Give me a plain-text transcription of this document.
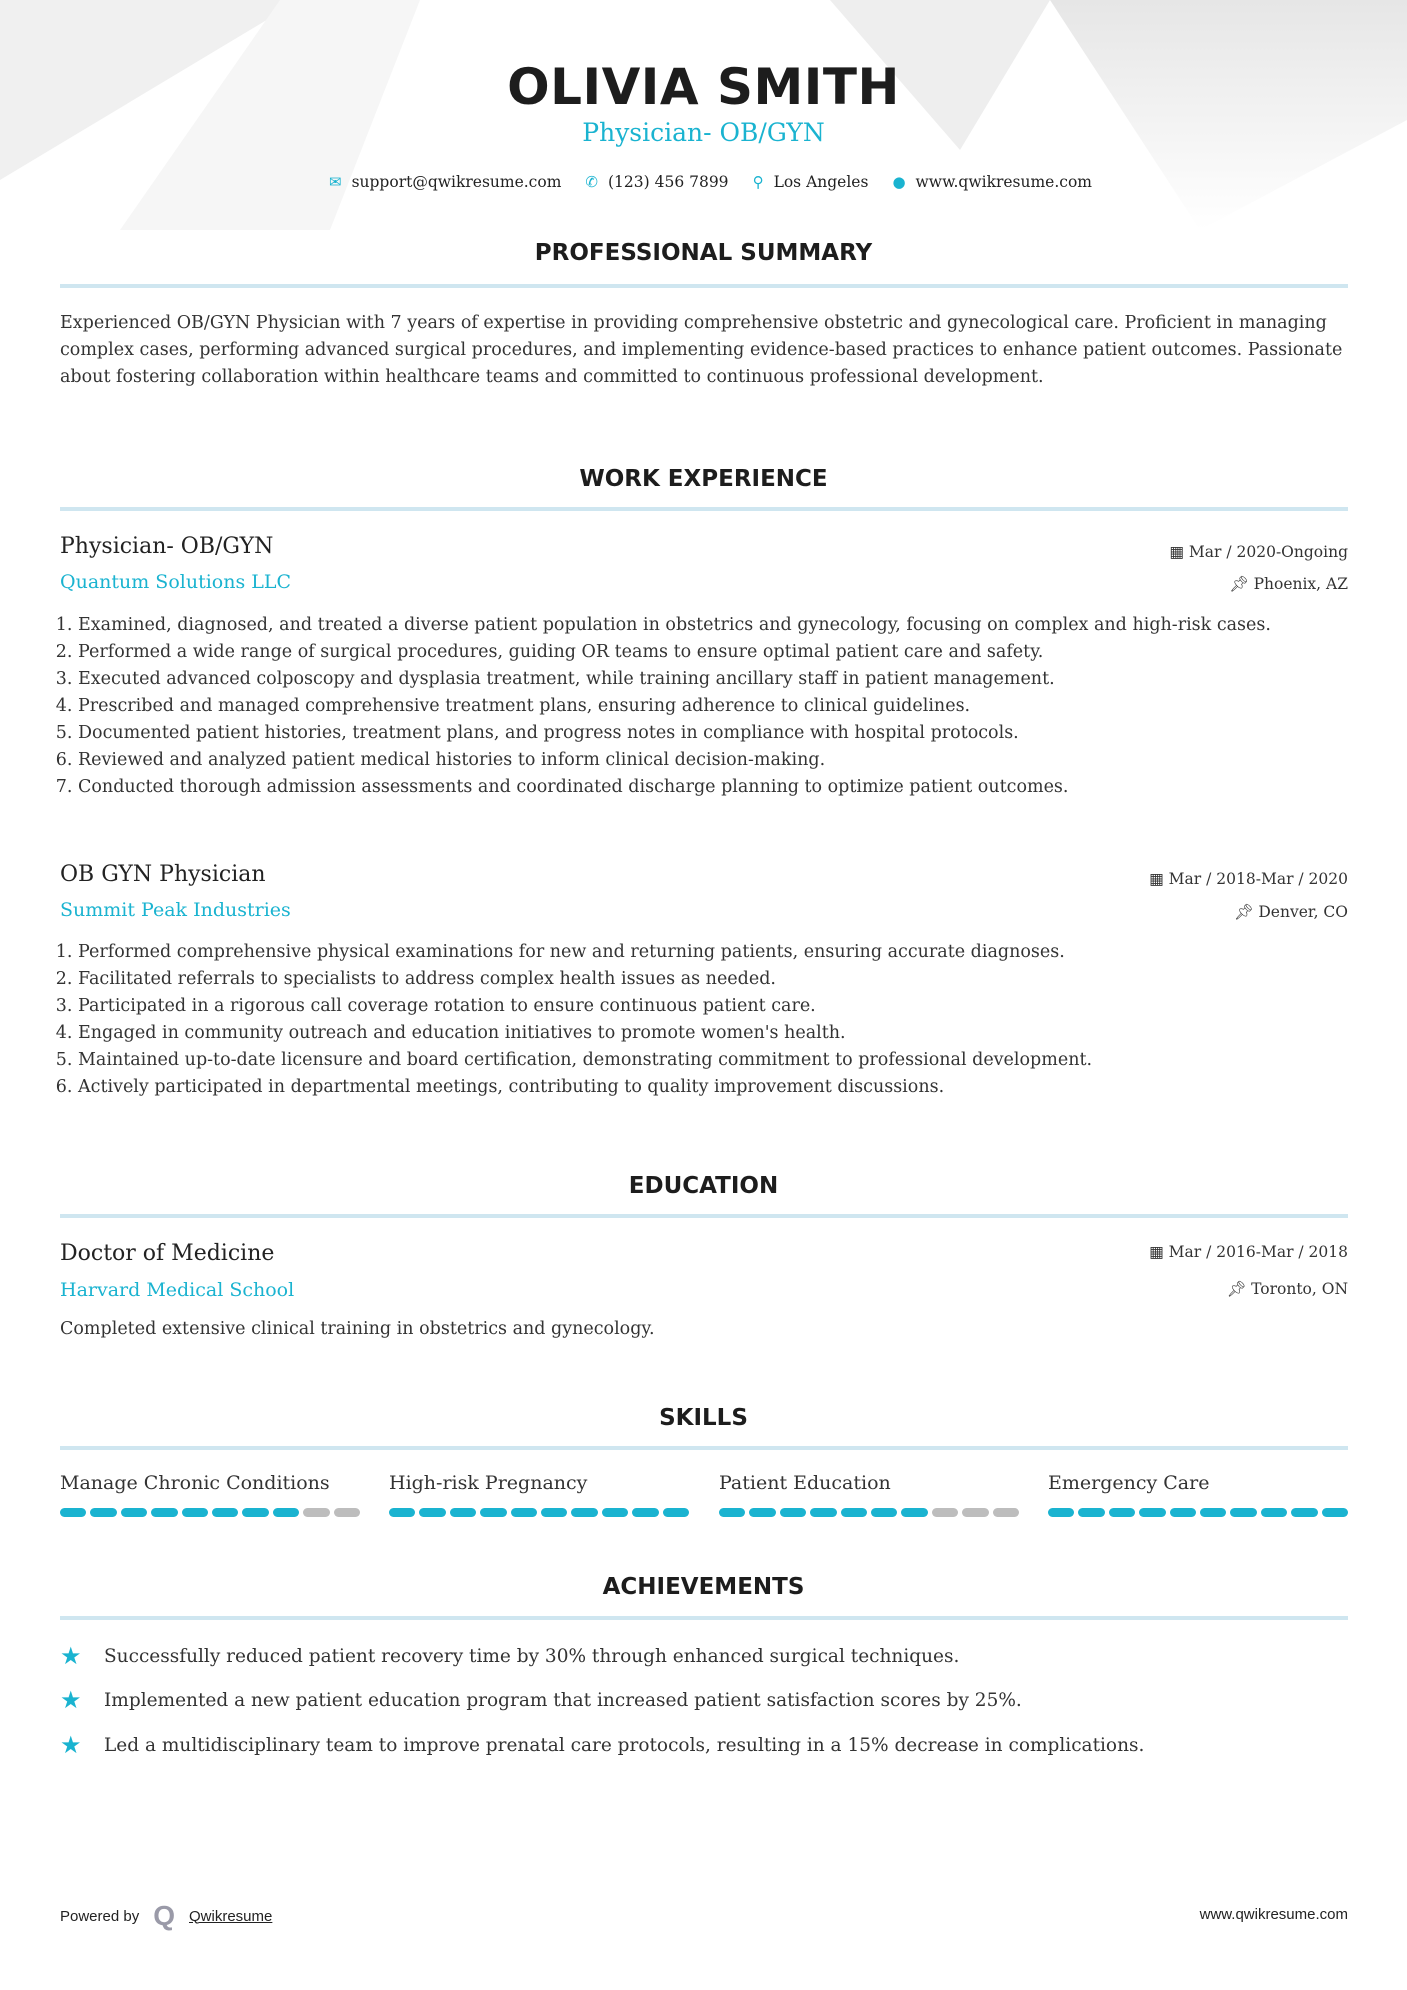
OLIVIA SMITH
Physician- OB/GYN
✉ support@qwikresume.com ✆ (123) 456 7899 ⚲ Los Angeles ● www.qwikresume.com
PROFESSIONAL SUMMARY
Experienced OB/GYN Physician with 7 years of expertise in providing comprehensive obstetric and gynecological care. Proficient in managing complex cases, performing advanced surgical procedures, and implementing evidence-based practices to enhance patient outcomes. Passionate about fostering collaboration within healthcare teams and committed to continuous professional development.
WORK EXPERIENCE
Physician- OB/GYN
Quantum Solutions LLC
▦ Mar / 2020-Ongoing
📌︎ Phoenix, AZ
1. Examined, diagnosed, and treated a diverse patient population in obstetrics and gynecology, focusing on complex and high-risk cases.
2. Performed a wide range of surgical procedures, guiding OR teams to ensure optimal patient care and safety.
3. Executed advanced colposcopy and dysplasia treatment, while training ancillary staff in patient management.
4. Prescribed and managed comprehensive treatment plans, ensuring adherence to clinical guidelines.
5. Documented patient histories, treatment plans, and progress notes in compliance with hospital protocols.
6. Reviewed and analyzed patient medical histories to inform clinical decision-making.
7. Conducted thorough admission assessments and coordinated discharge planning to optimize patient outcomes.
OB GYN Physician
Summit Peak Industries
▦ Mar / 2018-Mar / 2020
📌︎ Denver, CO
1. Performed comprehensive physical examinations for new and returning patients, ensuring accurate diagnoses.
2. Facilitated referrals to specialists to address complex health issues as needed.
3. Participated in a rigorous call coverage rotation to ensure continuous patient care.
4. Engaged in community outreach and education initiatives to promote women's health.
5. Maintained up-to-date licensure and board certification, demonstrating commitment to professional development.
6. Actively participated in departmental meetings, contributing to quality improvement discussions.
EDUCATION
Doctor of Medicine
Harvard Medical School
▦ Mar / 2016-Mar / 2018
📌︎ Toronto, ON
Completed extensive clinical training in obstetrics and gynecology.
SKILLS
Manage Chronic Conditions	High-risk Pregnancy	Patient Education	Emergency Care
ACHIEVEMENTS
★	Successfully reduced patient recovery time by 30% through enhanced surgical techniques.
★	Implemented a new patient education program that increased patient satisfaction scores by 25%.
★	Led a multidisciplinary team to improve prenatal care protocols, resulting in a 15% decrease in complications.
Powered by Q Qwikresume	www.qwikresume.com
